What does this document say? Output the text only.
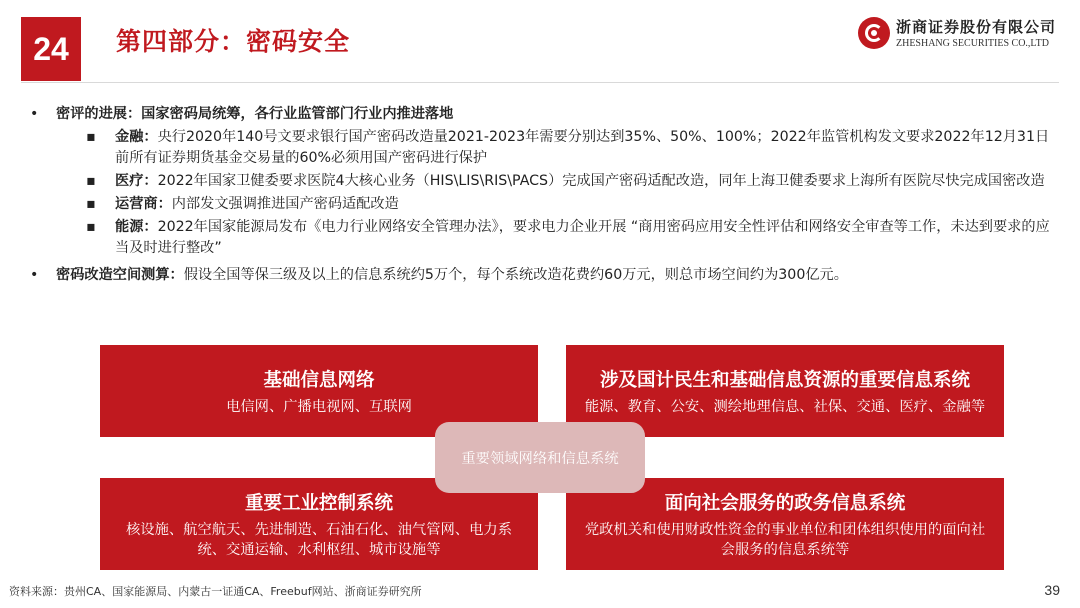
24	第四部分：密码安全	浙商证券股份有限公司
ZHESHANG SECURITIES CO.,LTD
•	密评的进展：国家密码局统筹，各行业监管部门行业内推进落地
▪	金融：央行2020年140号文要求银行国产密码改造量2021-2023年需要分别达到35%、50%、100%；2022年监管机构发文要求2022年12月31日前所有证券期货基金交易量的60%必须用国产密码进行保护
▪	医疗：2022年国家卫健委要求医院4大核心业务（HIS\LIS\RIS\PACS）完成国产密码适配改造，同年上海卫健委要求上海所有医院尽快完成国密改造
▪	运营商：内部发文强调推进国产密码适配改造
▪	能源：2022年国家能源局发布《电力行业网络安全管理办法》，要求电力企业开展 “商用密码应用安全性评估和网络安全审查等工作，未达到要求的应当及时进行整改”
•	密码改造空间测算：假设全国等保三级及以上的信息系统约5万个，每个系统改造花费约60万元，则总市场空间约为300亿元。
基础信息网络
电信网、广播电视网、互联网
涉及国计民生和基础信息资源的重要信息系统
能源、教育、公安、测绘地理信息、社保、交通、医疗、金融等
重要工业控制系统
核设施、航空航天、先进制造、石油石化、油气管网、电力系统、交通运输、水利枢纽、城市设施等
面向社会服务的政务信息系统
党政机关和使用财政性资金的事业单位和团体组织使用的面向社会服务的信息系统等
重要领域网络和信息系统
资料来源：贵州CA、国家能源局、内蒙古一证通CA、Freebuf网站、浙商证券研究所	39
